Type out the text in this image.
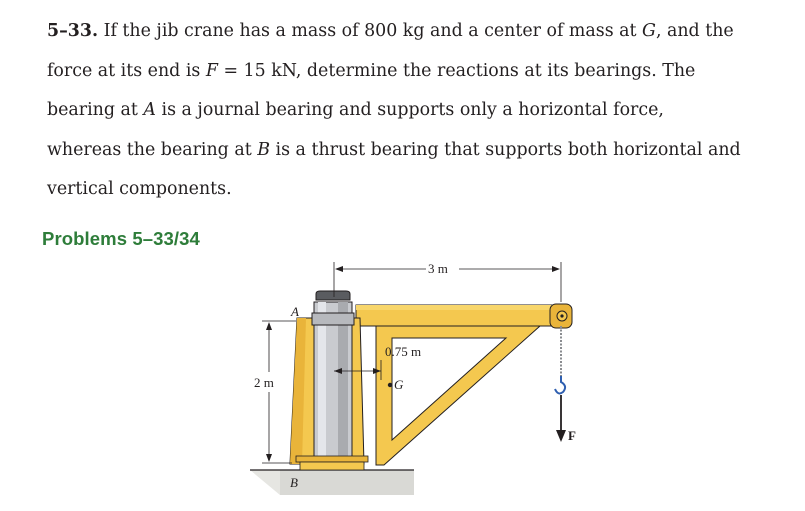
5–33. If the jib crane has a mass of 800 kg and a center of mass at G, and the
force at its end is F = 15 kN, determine the reactions at its bearings. The
bearing at A is a journal bearing and supports only a horizontal force,
whereas the bearing at B is a thrust bearing that supports both horizontal and
vertical components.
Problems 5–33/34
3 m
0.75 m
2 m	G
A
B
F
